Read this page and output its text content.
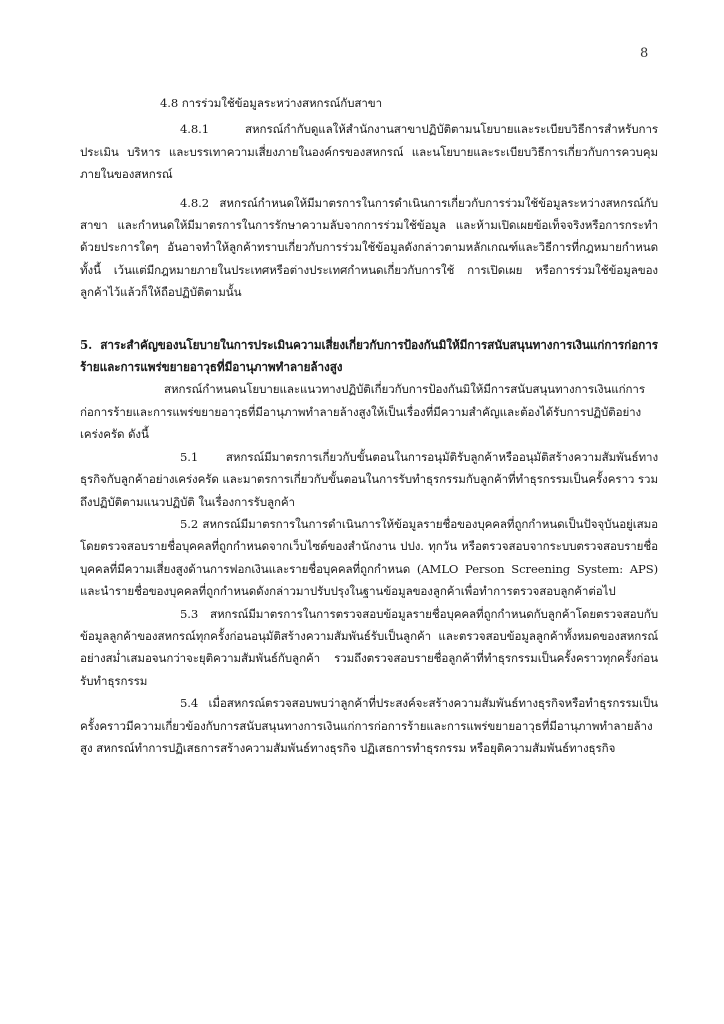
8

4.8 การร่วมใช้ข้อมูลระหว่างสหกรณ์กับสาขา

4.8.1 สหกรณ์กำกับดูแลให้สำนักงานสาขาปฏิบัติตามนโยบายและระเบียบวิธีการสำหรับการประเมิน บริหาร และบรรเทาความเสี่ยงภายในองค์กรของสหกรณ์ และนโยบายและระเบียบวิธีการเกี่ยวกับการควบคุมภายในของสหกรณ์

4.8.2 สหกรณ์กำหนดให้มีมาตรการในการดำเนินการเกี่ยวกับการร่วมใช้ข้อมูลระหว่างสหกรณ์กับสาขา และกำหนดให้มีมาตรการในการรักษาความลับจากการร่วมใช้ข้อมูล และห้ามเปิดเผยข้อเท็จจริงหรือการกระทำด้วยประการใดๆ อันอาจทำให้ลูกค้าทราบเกี่ยวกับการร่วมใช้ข้อมูลดังกล่าวตามหลักเกณฑ์และวิธีการที่กฎหมายกำหนด ทั้งนี้ เว้นแต่มีกฎหมายภายในประเทศหรือต่างประเทศกำหนดเกี่ยวกับการใช้ การเปิดเผย หรือการร่วมใช้ข้อมูลของลูกค้าไว้แล้วก็ให้ถือปฏิบัติตามนั้น

5. สาระสำคัญของนโยบายในการประเมินความเสี่ยงเกี่ยวกับการป้องกันมิให้มีการสนับสนุนทางการเงินแก่การก่อการร้ายและการแพร่ขยายอาวุธที่มีอานุภาพทำลายล้างสูง

สหกรณ์กำหนดนโยบายและแนวทางปฏิบัติเกี่ยวกับการป้องกันมิให้มีการสนับสนุนทางการเงินแก่การก่อการร้ายและการแพร่ขยายอาวุธที่มีอานุภาพทำลายล้างสูงให้เป็นเรื่องที่มีความสำคัญและต้องได้รับการปฏิบัติอย่างเคร่งครัด ดังนี้

5.1 สหกรณ์มีมาตรการเกี่ยวกับขั้นตอนในการอนุมัติรับลูกค้าหรืออนุมัติสร้างความสัมพันธ์ทางธุรกิจกับลูกค้าอย่างเคร่งครัด และมาตรการเกี่ยวกับขั้นตอนในการรับทำธุรกรรมกับลูกค้าที่ทำธุรกรรมเป็นครั้งคราว รวมถึงปฏิบัติตามแนวปฏิบัติ ในเรื่องการรับลูกค้า

5.2 สหกรณ์มีมาตรการในการดำเนินการให้ข้อมูลรายชื่อของบุคคลที่ถูกกำหนดเป็นปัจจุบันอยู่เสมอ โดยตรวจสอบรายชื่อบุคคลที่ถูกกำหนดจากเว็บไซต์ของสำนักงาน ปปง. ทุกวัน หรือตรวจสอบจากระบบตรวจสอบรายชื่อบุคคลที่มีความเสี่ยงสูงด้านการฟอกเงินและรายชื่อบุคคลที่ถูกกำหนด (AMLO Person Screening System: APS) และนำรายชื่อของบุคคลที่ถูกกำหนดดังกล่าวมาปรับปรุงในฐานข้อมูลของลูกค้าเพื่อทำการตรวจสอบลูกค้าต่อไป

5.3 สหกรณ์มีมาตรการในการตรวจสอบข้อมูลรายชื่อบุคคลที่ถูกกำหนดกับลูกค้าโดยตรวจสอบกับข้อมูลลูกค้าของสหกรณ์ทุกครั้งก่อนอนุมัติสร้างความสัมพันธ์รับเป็นลูกค้า และตรวจสอบข้อมูลลูกค้าทั้งหมดของสหกรณ์อย่างสม่ำเสมอจนกว่าจะยุติความสัมพันธ์กับลูกค้า รวมถึงตรวจสอบรายชื่อลูกค้าที่ทำธุรกรรมเป็นครั้งคราวทุกครั้งก่อนรับทำธุรกรรม

5.4 เมื่อสหกรณ์ตรวจสอบพบว่าลูกค้าที่ประสงค์จะสร้างความสัมพันธ์ทางธุรกิจหรือทำธุรกรรมเป็นครั้งคราวมีความเกี่ยวข้องกับการสนับสนุนทางการเงินแก่การก่อการร้ายและการแพร่ขยายอาวุธที่มีอานุภาพทำลายล้างสูง สหกรณ์ทำการปฏิเสธการสร้างความสัมพันธ์ทางธุรกิจ ปฏิเสธการทำธุรกรรม หรือยุติความสัมพันธ์ทางธุรกิจ
